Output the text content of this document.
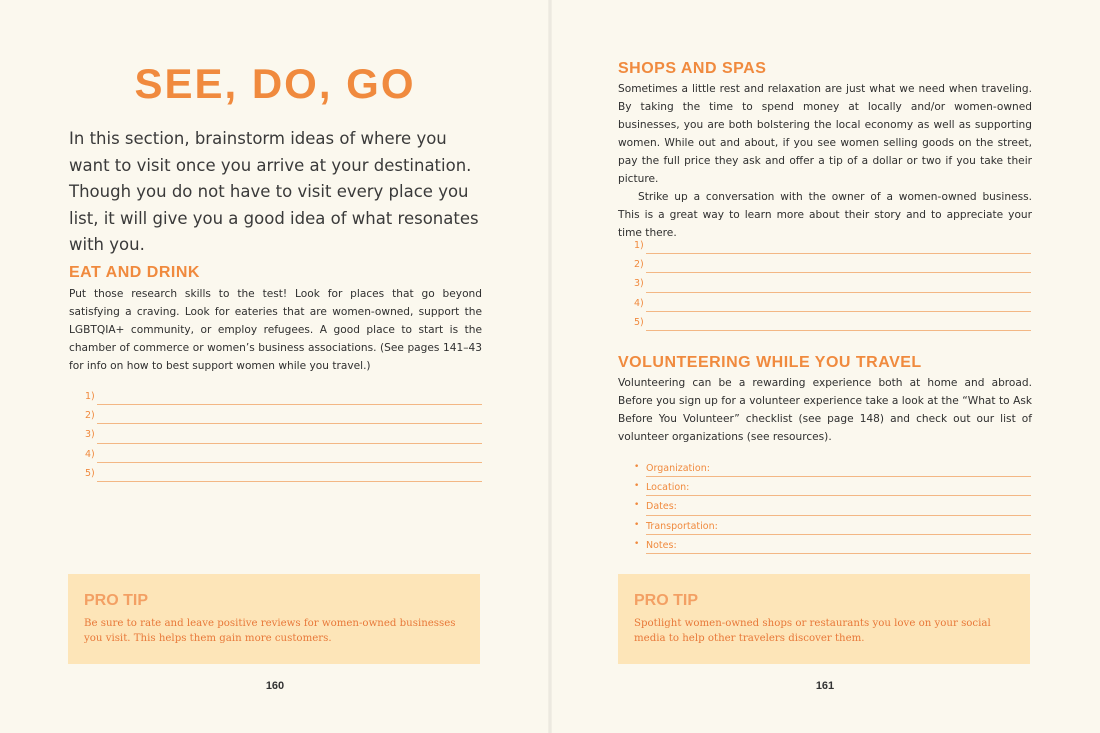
SEE, DO, GO
In this section, brainstorm ideas of where you want to visit once you arrive at your destination. Though you do not have to visit every place you list, it will give you a good idea of what resonates with you.
EAT AND DRINK

Put those research skills to the test! Look for places that go beyond satisfying a craving. Look for eateries that are women-owned, support the LGBTQIA+ community, or employ refugees. A good place to start is the chamber of commerce or women’s business associations. (See pages 141–43 for info on how to best support women while you travel.)

1)
2)
3)
4)
5)
PRO TIP
Be sure to rate and leave positive reviews for women-owned businesses you visit. This helps them gain more customers.
160
SHOPS AND SPAS

Sometimes a little rest and relaxation are just what we need when traveling. By taking the time to spend money at locally and/or women-owned businesses, you are both bolstering the local economy as well as supporting women. While out and about, if you see women selling goods on the street, pay the full price they ask and offer a tip of a dollar or two if you take their picture.

Strike up a conversation with the owner of a women-owned business. This is a great way to learn more about their story and to appreciate your time there.

1)
2)
3)
4)
5)
VOLUNTEERING WHILE YOU TRAVEL

Volunteering can be a rewarding experience both at home and abroad. Before you sign up for a volunteer experience take a look at the “What to Ask Before You Volunteer” checklist (see page 148) and check out our list of volunteer organizations (see resources).

• Organization:
• Location:
• Dates:
• Transportation:
• Notes:
PRO TIP
Spotlight women-owned shops or restaurants you love on your social media to help other travelers discover them.
161
